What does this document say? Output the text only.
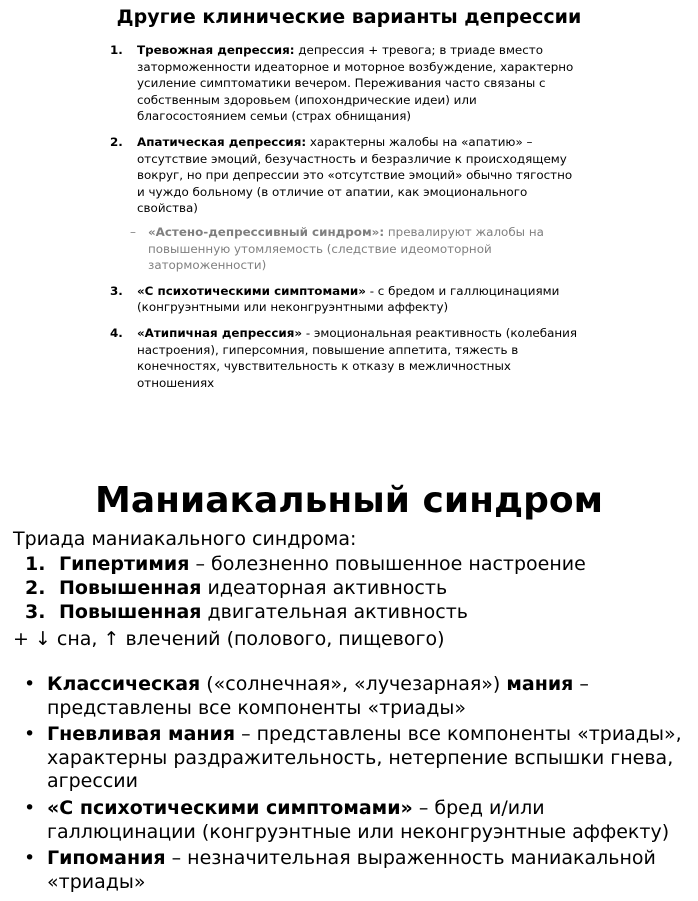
Другие клинические варианты депрессии
1. Тревожная депрессия: депрессия + тревога; в триаде вместо заторможенности идеаторное и моторное возбуждение, характерно усиление симптоматики вечером. Переживания часто связаны с собственным здоровьем (ипохондрические идеи) или благосостоянием семьи (страх обнищания)
2. Апатическая депрессия: характерны жалобы на «апатию» – отсутствие эмоций, безучастность и безразличие к происходящему вокруг, но при депрессии это «отсутствие эмоций» обычно тягостно и чуждо больному (в отличие от апатии, как эмоционального свойства)
– «Астено-депрессивный синдром»: превалируют жалобы на повышенную утомляемость (следствие идеомоторной заторможенности)
3. «С психотическими симптомами» - с бредом и галлюцинациями (конгруэнтными или неконгруэнтными аффекту)
4. «Атипичная депрессия» - эмоциональная реактивность (колебания настроения), гиперсомния, повышение аппетита, тяжесть в конечностях, чувствительность к отказу в межличностных отношениях
Маниакальный синдром
Триада маниакального синдрома:
1. Гипертимия – болезненно повышенное настроение
2. Повышенная идеаторная активность
3. Повышенная двигательная активность
+ ↓ сна, ↑ влечений (полового, пищевого)
• Классическая («солнечная», «лучезарная») мания – представлены все компоненты «триады»
• Гневливая мания – представлены все компоненты «триады», характерны раздражительность, нетерпение вспышки гнева, агрессии
• «С психотическими симптомами» – бред и/или галлюцинации (конгруэнтные или неконгруэнтные аффекту)
• Гипомания – незначительная выраженность маниакальной «триады»
